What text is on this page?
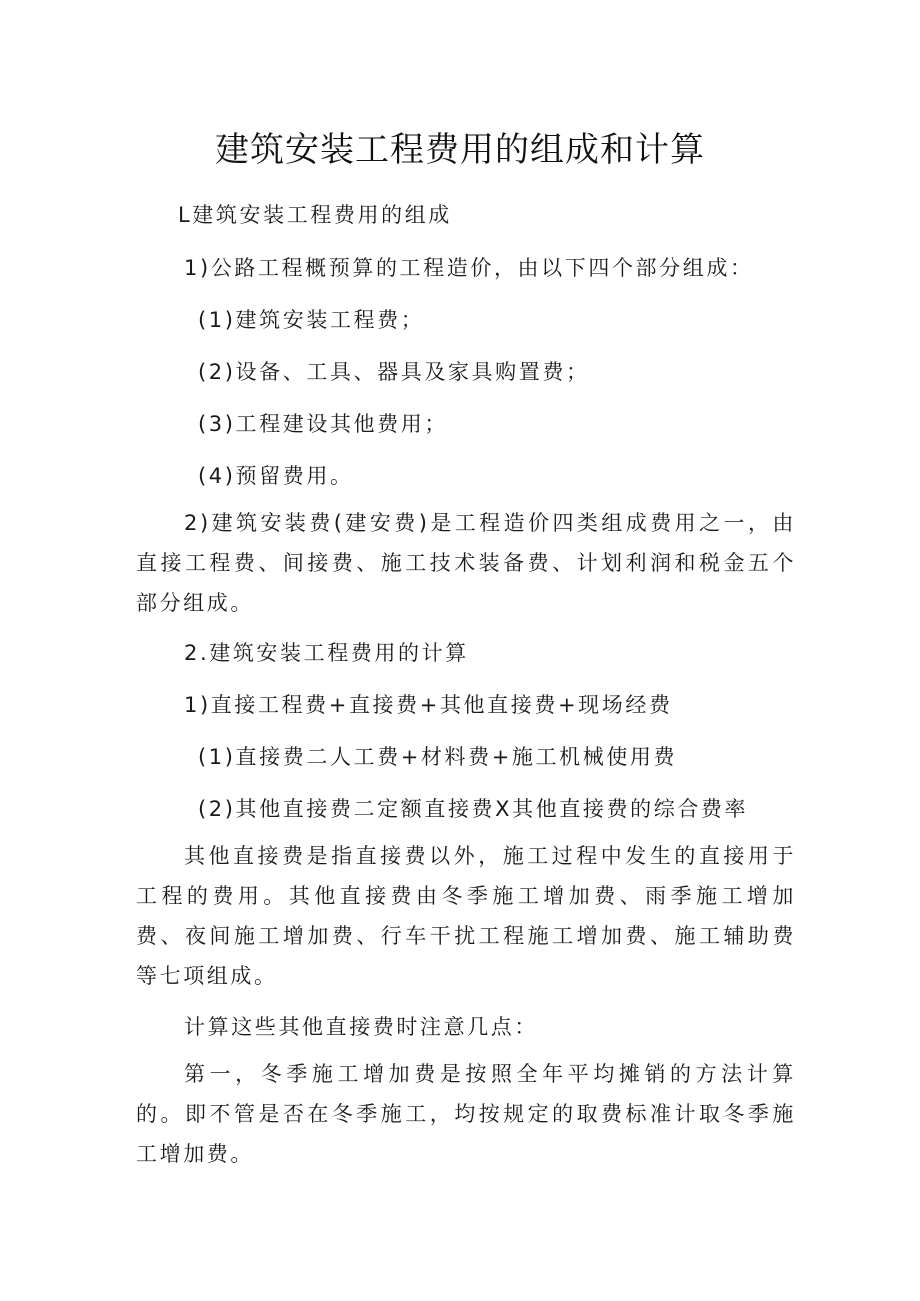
建筑安装工程费用的组成和计算

L建筑安装工程费用的组成

1)公路工程概预算的工程造价，由以下四个部分组成：

(1)建筑安装工程费；

(2)设备、工具、器具及家具购置费；

(3)工程建设其他费用；

(4)预留费用。

2)建筑安装费(建安费)是工程造价四类组成费用之一，由直接工程费、间接费、施工技术装备费、计划利润和税金五个部分组成。

2.建筑安装工程费用的计算

1)直接工程费+直接费+其他直接费+现场经费

(1)直接费二人工费+材料费+施工机械使用费

(2)其他直接费二定额直接费X其他直接费的综合费率

其他直接费是指直接费以外，施工过程中发生的直接用于工程的费用。其他直接费由冬季施工增加费、雨季施工增加费、夜间施工增加费、行车干扰工程施工增加费、施工辅助费等七项组成。

计算这些其他直接费时注意几点：

第一，冬季施工增加费是按照全年平均摊销的方法计算的。即不管是否在冬季施工，均按规定的取费标准计取冬季施工增加费。
